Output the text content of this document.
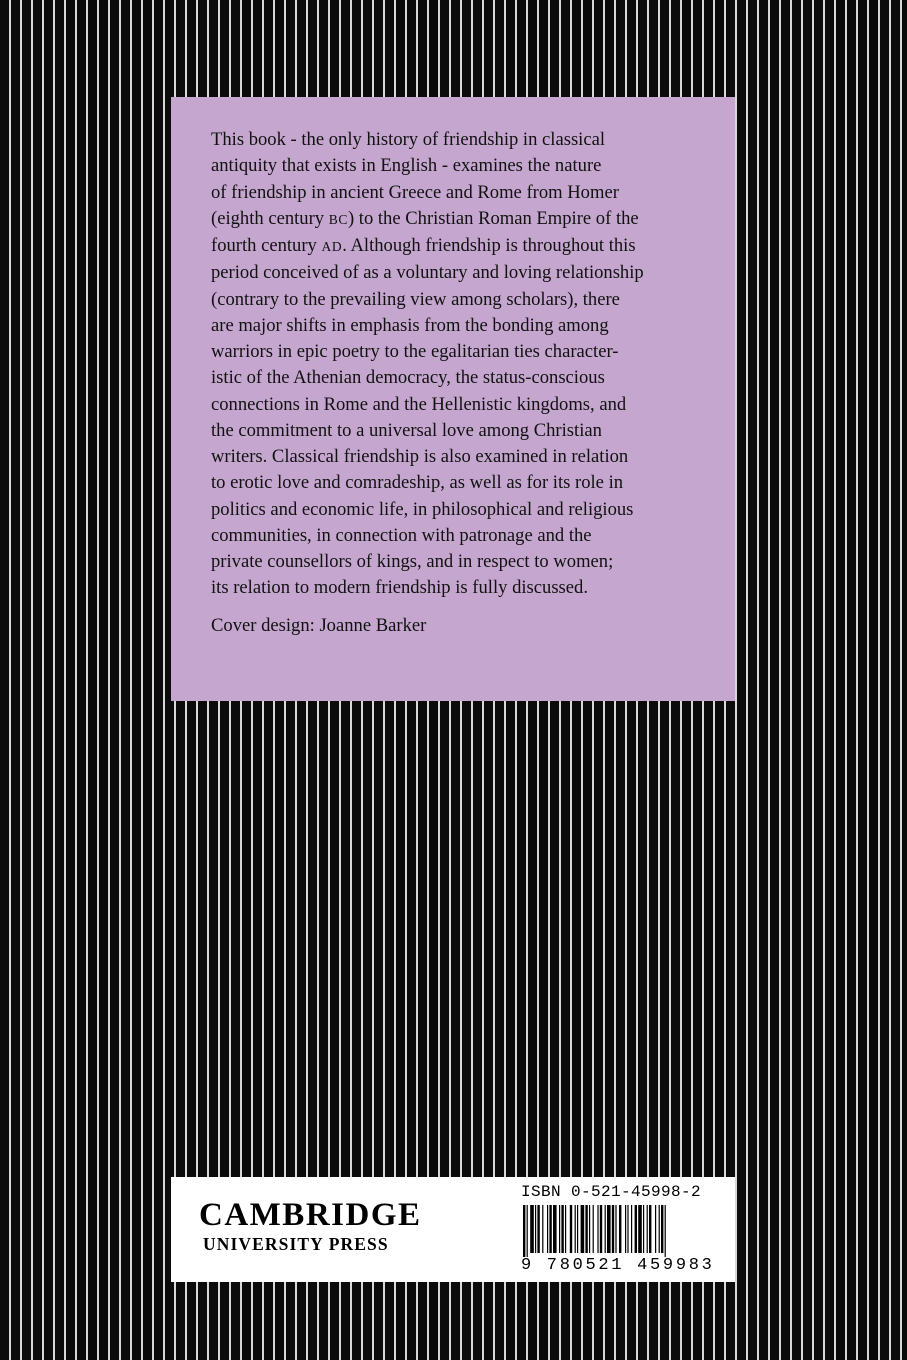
This book - the only history of friendship in classical
antiquity that exists in English - examines the nature
of friendship in ancient Greece and Rome from Homer
(eighth century BC) to the Christian Roman Empire of the
fourth century AD. Although friendship is throughout this
period conceived of as a voluntary and loving relationship
(contrary to the prevailing view among scholars), there
are major shifts in emphasis from the bonding among
warriors in epic poetry to the egalitarian ties character-
istic of the Athenian democracy, the status-conscious
connections in Rome and the Hellenistic kingdoms, and
the commitment to a universal love among Christian
writers. Classical friendship is also examined in relation
to erotic love and comradeship, as well as for its role in
politics and economic life, in philosophical and religious
communities, in connection with patronage and the
private counsellors of kings, and in respect to women;
its relation to modern friendship is fully discussed.
Cover design: Joanne Barker
CAMBRIDGE
UNIVERSITY PRESS
ISBN 0-521-45998-2
9 780521 459983
